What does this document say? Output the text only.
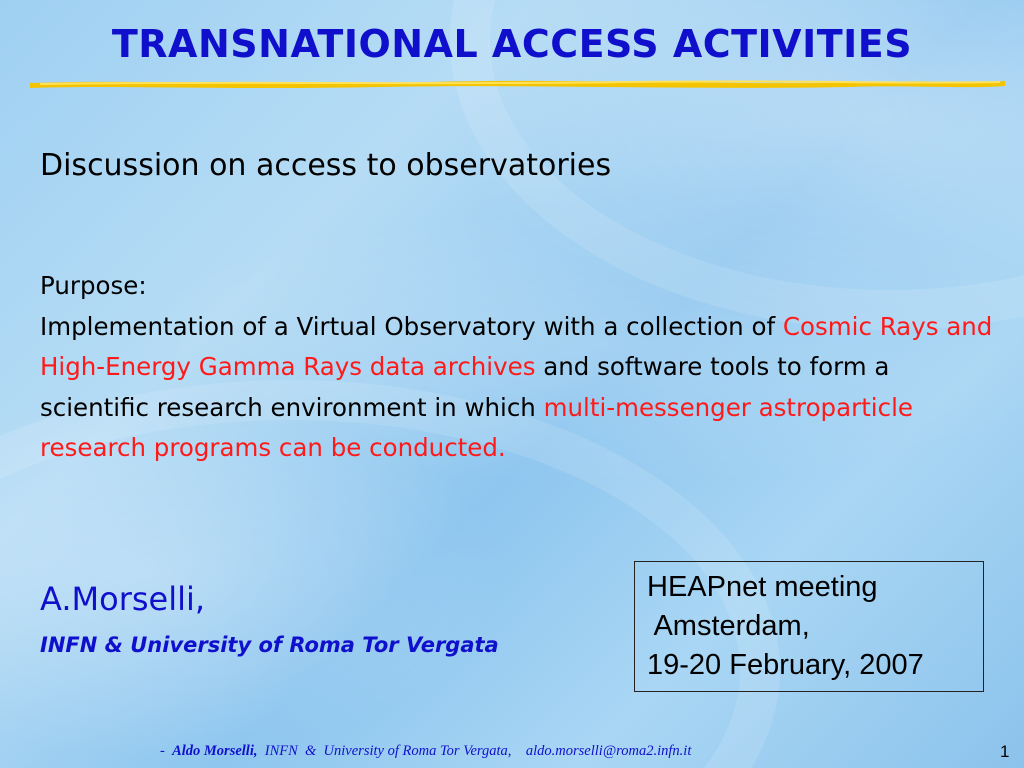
TRANSNATIONAL ACCESS ACTIVITIES
Discussion on access to observatories
Purpose:
Implementation of a Virtual Observatory with a collection of Cosmic Rays and High-Energy Gamma Rays data archives and software tools to form a scientific research environment in which multi-messenger astroparticle research programs can be conducted.
A.Morselli,
INFN & University of Roma Tor Vergata
HEAPnet meeting
Amsterdam,
19-20 February, 2007
-  Aldo Morselli,  INFN  &  University of Roma Tor Vergata,    aldo.morselli@roma2.infn.it	1
